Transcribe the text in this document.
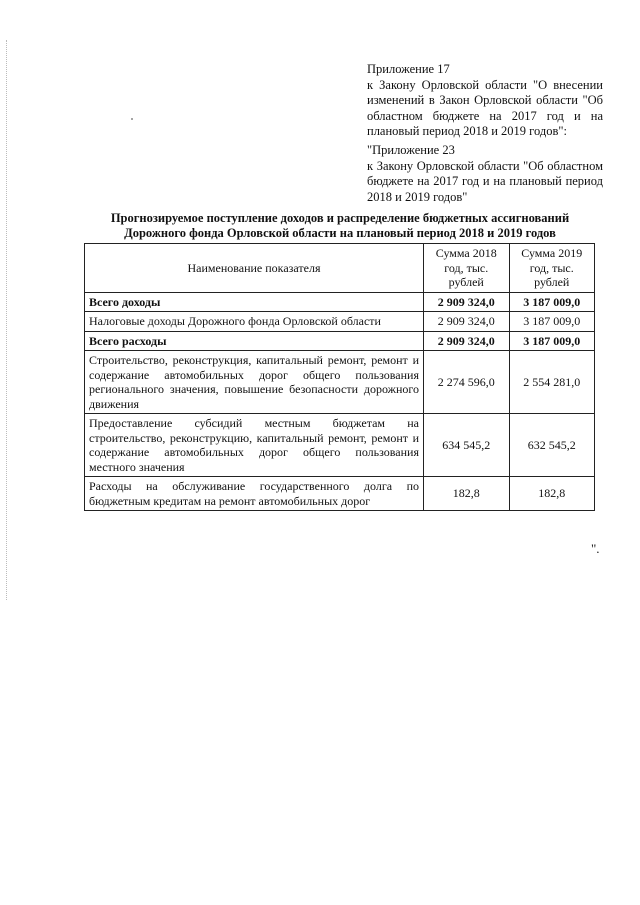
Приложение 17
к Закону Орловской области "О внесении изменений в Закон Орловской области "Об областном бюджете на 2017 год и на плановый период 2018 и 2019 годов":
"Приложение 23
к Закону Орловской области "Об областном бюджете на 2017 год и на плановый период 2018 и 2019 годов"
Прогнозируемое поступление доходов и распределение бюджетных ассигнований Дорожного фонда Орловской области на плановый период 2018 и 2019 годов
Наименование показателя	Сумма 2018 год, тыс. рублей	Сумма 2019 год, тыс. рублей
Всего доходы	2 909 324,0	3 187 009,0
Налоговые доходы Дорожного фонда Орловской области	2 909 324,0	3 187 009,0
Всего расходы	2 909 324,0	3 187 009,0
Строительство, реконструкция, капитальный ремонт, ремонт и содержание автомобильных дорог общего пользования регионального значения, повышение безопасности дорожного движения	2 274 596,0	2 554 281,0
Предоставление субсидий местным бюджетам на строительство, реконструкцию, капитальный ремонт, ремонт и содержание автомобильных дорог общего пользования местного значения	634 545,2	632 545,2
Расходы на обслуживание государственного долга по бюджетным кредитам на ремонт автомобильных дорог	182,8	182,8
".
